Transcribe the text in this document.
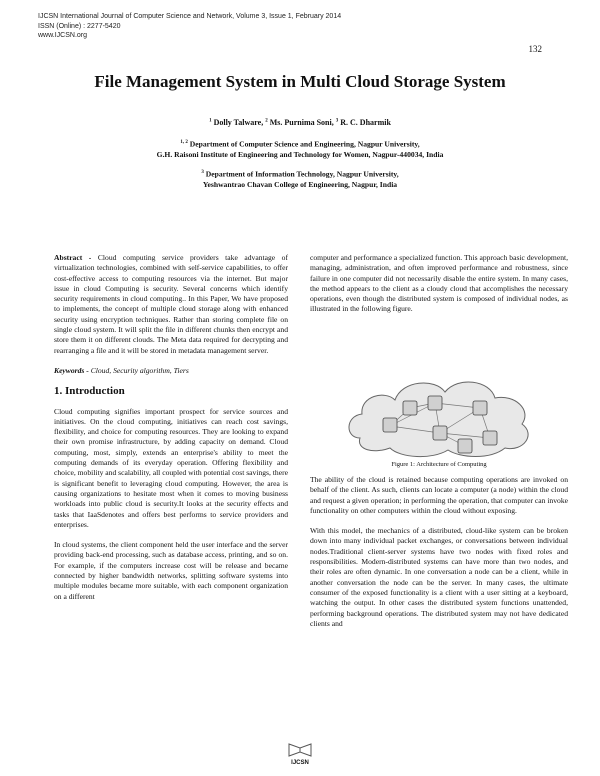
IJCSN International Journal of Computer Science and Network, Volume 3, Issue 1, February 2014
ISSN (Online) : 2277-5420
www.IJCSN.org
132
File Management System in Multi Cloud Storage System
$^1$ Dolly Talware, $^2$ Ms. Purnima Soni, $^3$ R. C. Dharmik
$^{1, 2}$ Department of Computer Science and Engineering, Nagpur University,
G.H. Raisoni Institute of Engineering and Technology for Women, Nagpur-440034, India
$^3$ Department of Information Technology, Nagpur University,
Yeshwantrao Chavan College of Engineering, Nagpur, India

Abstract - Cloud computing service providers take advantage of virtualization technologies, combined with self-service capabilities, to offer cost-effective access to computing resources via the internet. But major issue in cloud Computing is security. Several concerns which identify security requirements in cloud computing.. In this Paper, We have proposed to implements, the concept of multiple cloud storage along with enhanced security using encryption techniques. Rather than storing complete file on single cloud system. It will split the file in different chunks then encrypt and store them it on different clouds. The Meta data required for decrypting and rearranging a file and it will be stored in metadata management server.

Keywords - Cloud, Security algorithm, Tiers

1. Introduction

Cloud computing signifies important prospect for service sources and initiatives. On the cloud computing, initiatives can reach cost savings, flexibility, and choice for computing resources. They are looking to expand their own promise infrastructure, by adding capacity on demand. Cloud computing, most, simply, extends an enterprise's ability to meet the computing demands of its everyday operation. Offering flexibility and choice, mobility and scalability, all coupled with potential cost savings, there is significant benefit to leveraging cloud computing. However, the area is causing organizations to hesitate most when it comes to moving business workloads into public cloud is security.It looks at the security effects and tasks that IaaSdenotes and offers best performs to service providers and enterprises.

In cloud systems, the client component held the user interface and the server providing back-end processing, such as database access, printing, and so on. For example, if the computers increase cost will be release and became connected by higher bandwidth networks, splitting software systems into multiple modules became more suitable, with each component organization on a different

computer and performance a specialized function. This approach basic development, managing, administration, and often improved performance and robustness, since failure in one computer did not necessarily disable the entire system. In many cases, the method appears to the client as a cloudy cloud that accomplishes the necessary operations, even though the distributed system is composed of individual nodes, as illustrated in the following figure.

Figure 1: Architecture of Computing

The ability of the cloud is retained because computing operations are invoked on behalf of the client. As such, clients can locate a computer (a node) within the cloud and request a given operation; in performing the operation, that computer can invoke functionality on other computers within the cloud without exposing.

With this model, the mechanics of a distributed, cloud-like system can be broken down into many individual packet exchanges, or conversations between individual nodes.Traditional client-server systems have two nodes with fixed roles and responsibilities. Modern-distributed systems can have more than two nodes, and their roles are often dynamic. In one conversation a node can be a client, while in another conversation the node can be the server. In many cases, the ultimate consumer of the exposed functionality is a client with a user sitting at a keyboard, watching the output. In other cases the distributed system functions unattended, performing background operations. The distributed system may not have dedicated clients and

IJCSN
